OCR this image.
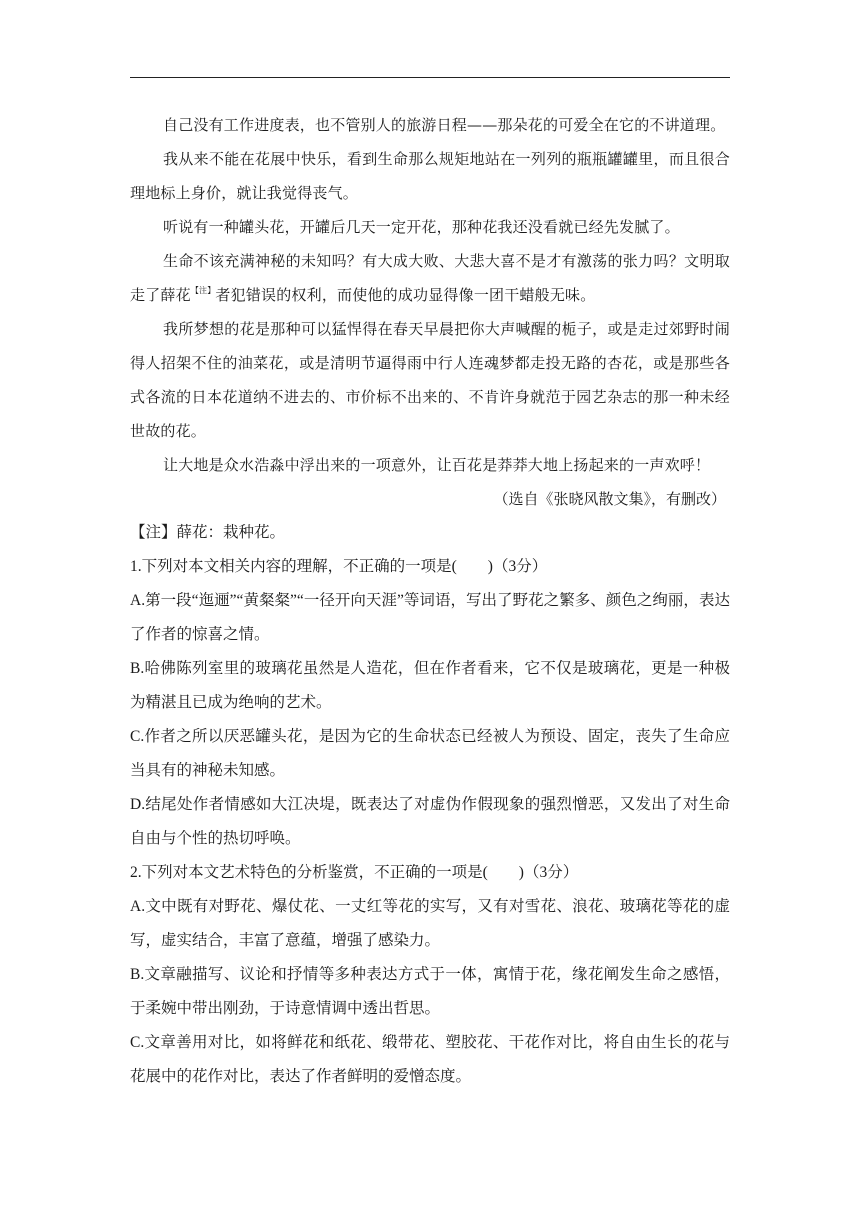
自己没有工作进度表，也不管别人的旅游日程——那朵花的可爱全在它的不讲道理。

我从来不能在花展中快乐，看到生命那么规矩地站在一列列的瓶瓶罐罐里，而且很合理地标上身价，就让我觉得丧气。

听说有一种罐头花，开罐后几天一定开花，那种花我还没看就已经先发腻了。

生命不该充满神秘的未知吗？有大成大败、大悲大喜不是才有激荡的张力吗？文明取走了薛花$^{【注】}$者犯错误的权利，而使他的成功显得像一团干蜡般无味。

我所梦想的花是那种可以猛悍得在春天早晨把你大声喊醒的栀子，或是走过郊野时闹得人招架不住的油菜花，或是清明节逼得雨中行人连魂梦都走投无路的杏花，或是那些各式各流的日本花道纳不进去的、市价标不出来的、不肯许身就范于园艺杂志的那一种未经世故的花。

让大地是众水浩淼中浮出来的一项意外，让百花是莽莽大地上扬起来的一声欢呼！

（选自《张晓风散文集》，有删改）

【注】薛花：栽种花。

1.下列对本文相关内容的理解，不正确的一项是(　　)（3分）

A.第一段“迤逦”“黄粲粲”“一径开向天涯”等词语，写出了野花之繁多、颜色之绚丽，表达了作者的惊喜之情。

B.哈佛陈列室里的玻璃花虽然是人造花，但在作者看来，它不仅是玻璃花，更是一种极为精湛且已成为绝响的艺术。

C.作者之所以厌恶罐头花，是因为它的生命状态已经被人为预设、固定，丧失了生命应当具有的神秘未知感。

D.结尾处作者情感如大江决堤，既表达了对虚伪作假现象的强烈憎恶，又发出了对生命自由与个性的热切呼唤。

2.下列对本文艺术特色的分析鉴赏，不正确的一项是(　　)（3分）

A.文中既有对野花、爆仗花、一丈红等花的实写，又有对雪花、浪花、玻璃花等花的虚写，虚实结合，丰富了意蕴，增强了感染力。

B.文章融描写、议论和抒情等多种表达方式于一体，寓情于花，缘花阐发生命之感悟，于柔婉中带出刚劲，于诗意情调中透出哲思。

C.文章善用对比，如将鲜花和纸花、缎带花、塑胶花、干花作对比，将自由生长的花与花展中的花作对比，表达了作者鲜明的爱憎态度。
